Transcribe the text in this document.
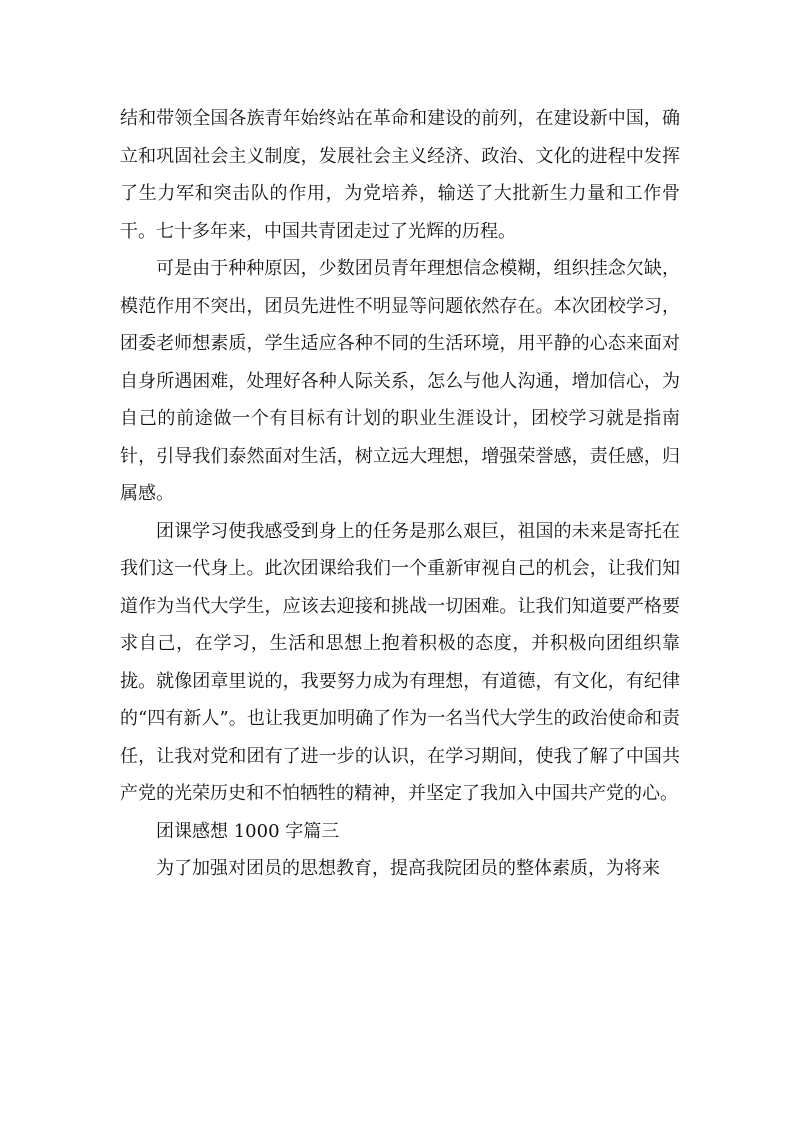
结和带领全国各族青年始终站在革命和建设的前列，在建设新中国，确立和巩固社会主义制度，发展社会主义经济、政治、文化的进程中发挥了生力军和突击队的作用，为党培养，输送了大批新生力量和工作骨干。七十多年来，中国共青团走过了光辉的历程。

可是由于种种原因，少数团员青年理想信念模糊，组织挂念欠缺，模范作用不突出，团员先进性不明显等问题依然存在。本次团校学习，团委老师想素质，学生适应各种不同的生活环境，用平静的心态来面对自身所遇困难，处理好各种人际关系，怎么与他人沟通，增加信心，为自己的前途做一个有目标有计划的职业生涯设计，团校学习就是指南针，引导我们泰然面对生活，树立远大理想，增强荣誉感，责任感，归属感。

团课学习使我感受到身上的任务是那么艰巨，祖国的未来是寄托在我们这一代身上。此次团课给我们一个重新审视自己的机会，让我们知道作为当代大学生，应该去迎接和挑战一切困难。让我们知道要严格要求自己，在学习，生活和思想上抱着积极的态度，并积极向团组织靠拢。就像团章里说的，我要努力成为有理想，有道德，有文化，有纪律的“四有新人”。也让我更加明确了作为一名当代大学生的政治使命和责任，让我对党和团有了进一步的认识，在学习期间，使我了解了中国共产党的光荣历史和不怕牺牲的精神，并坚定了我加入中国共产党的心。

团课感想 1000 字篇三

为了加强对团员的思想教育，提高我院团员的整体素质，为将来
